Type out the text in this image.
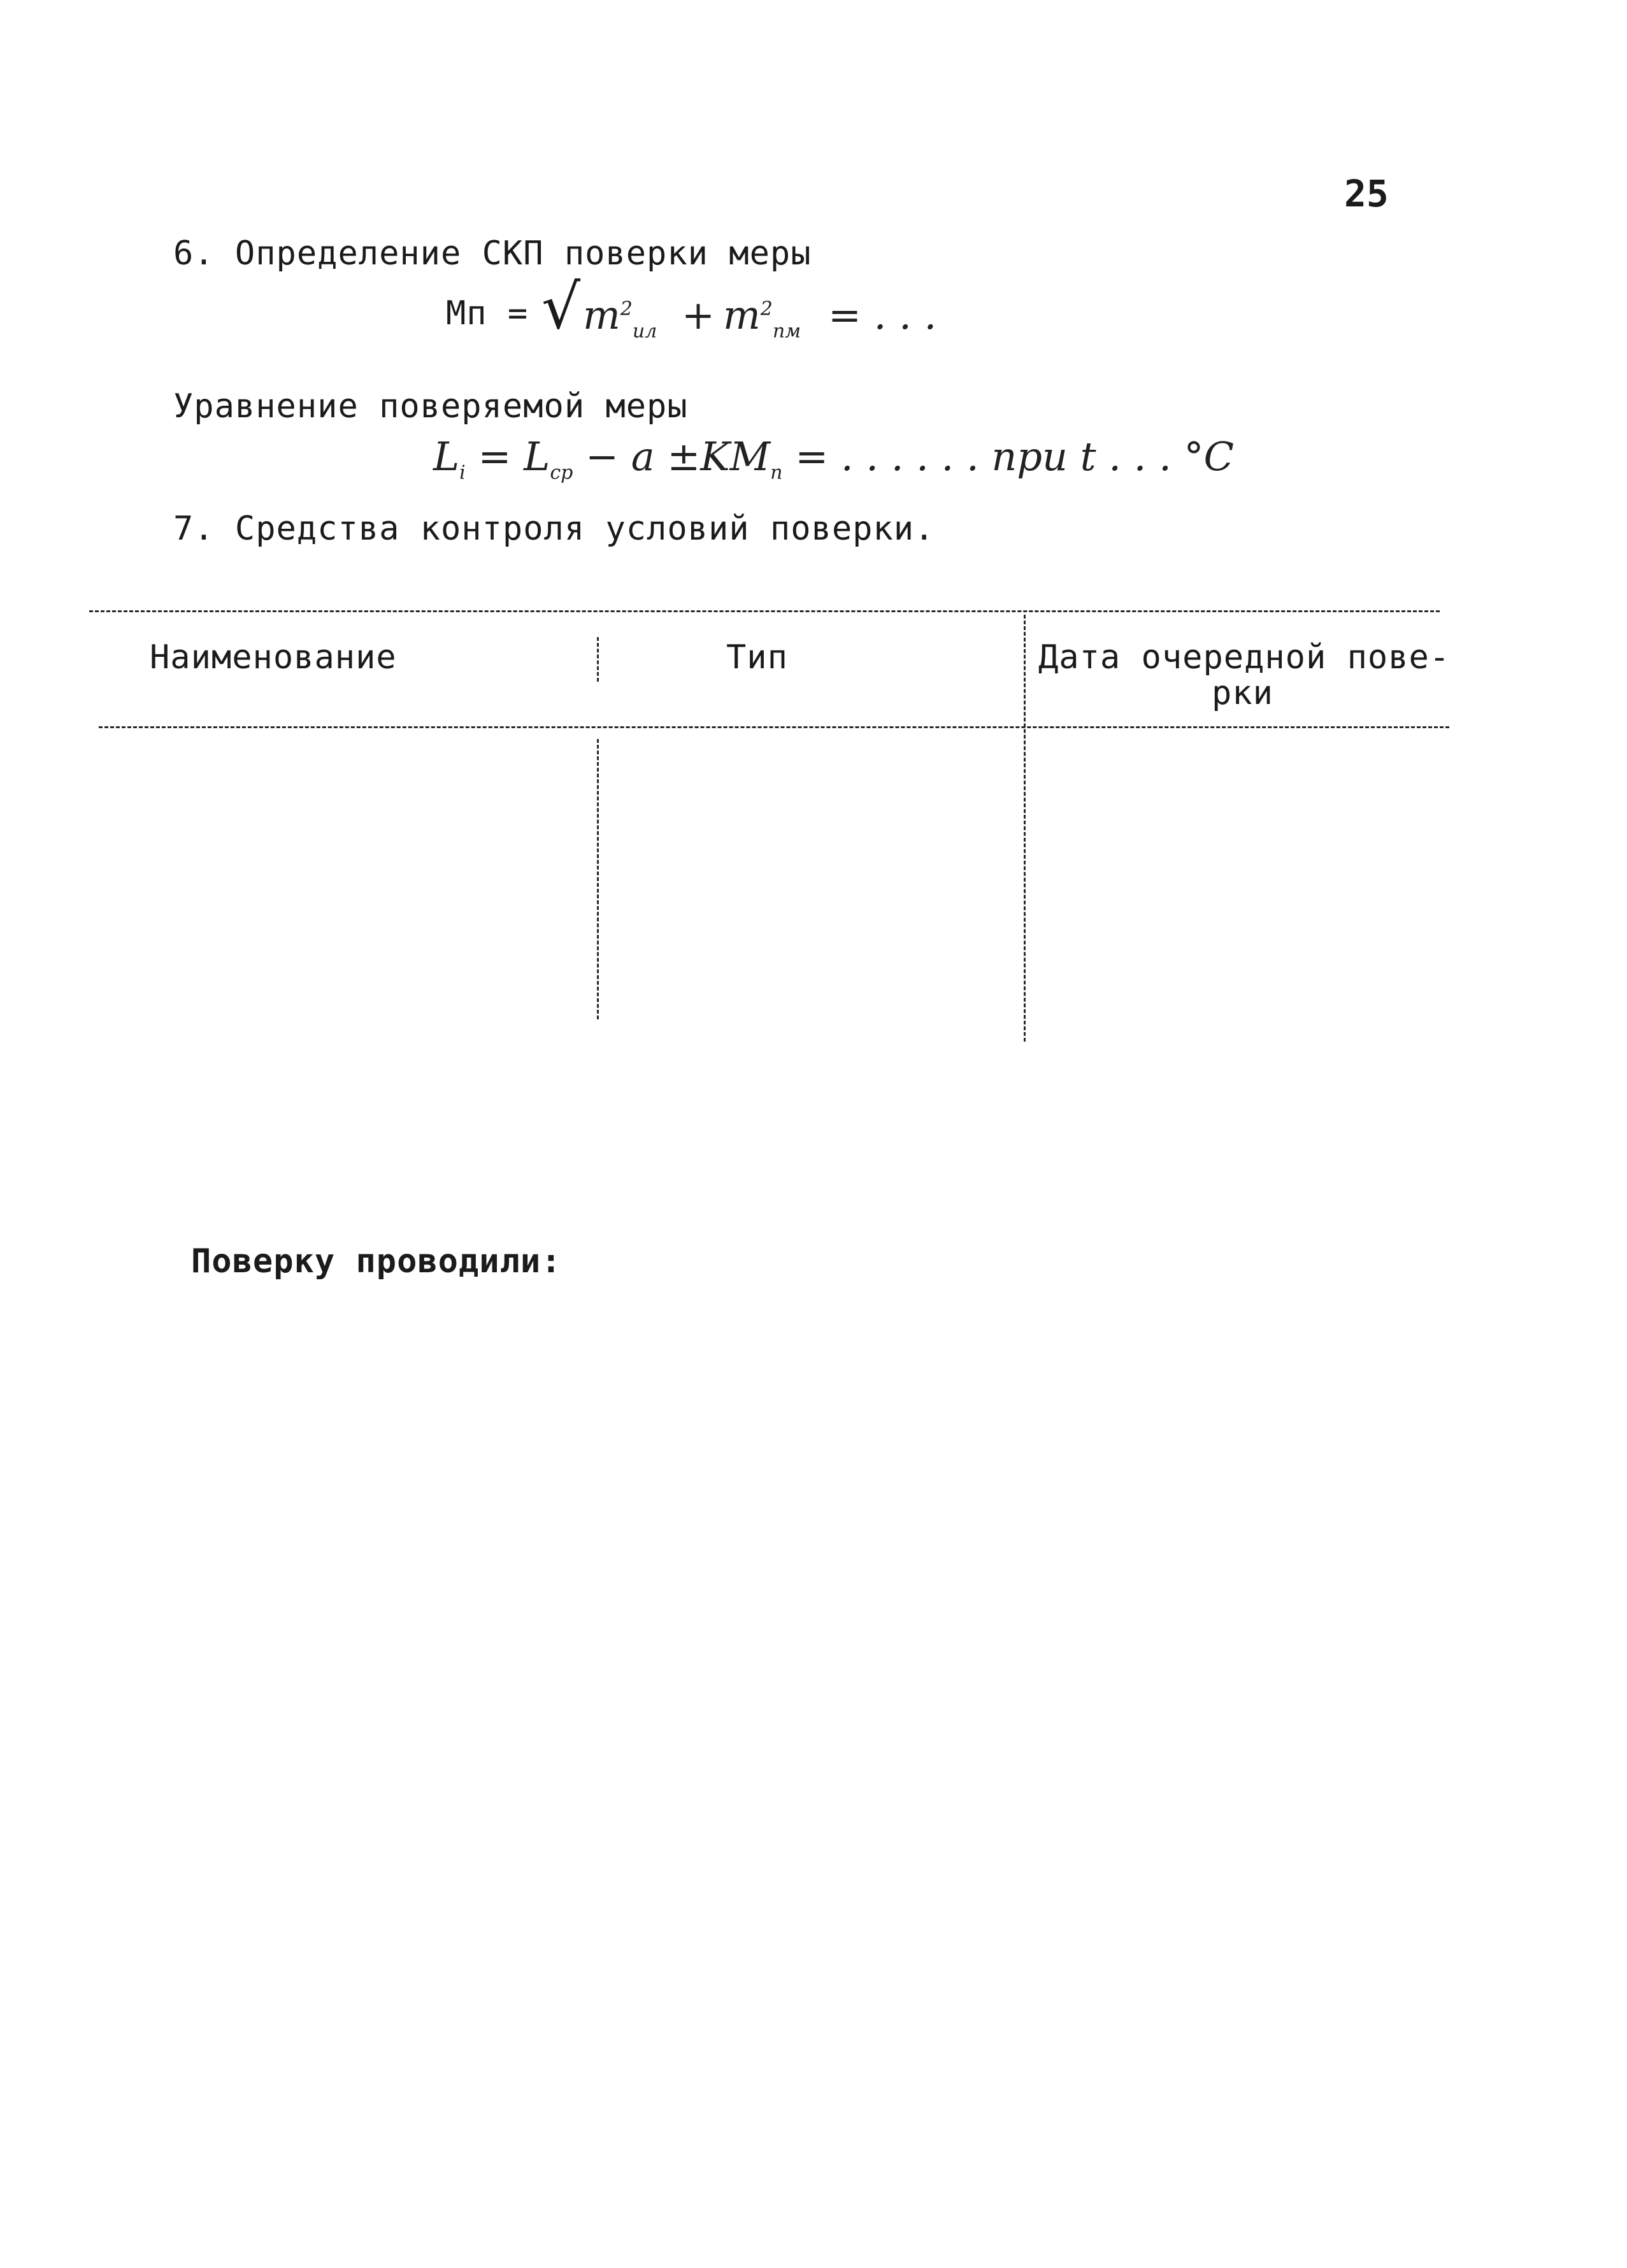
25
6. Определение СКП поверки меры
Мп = √ $m^2_{ил} + m^2_{пм}$ = . . .
Уравнение поверяемой меры
$L_i = L_{ср} - a \pm KM_п$ = . . . . . . при t . . . °С
7. Средства контроля условий поверки.
Наименование	Тип	Дата очередной пове-
рки
Поверку проводили:
